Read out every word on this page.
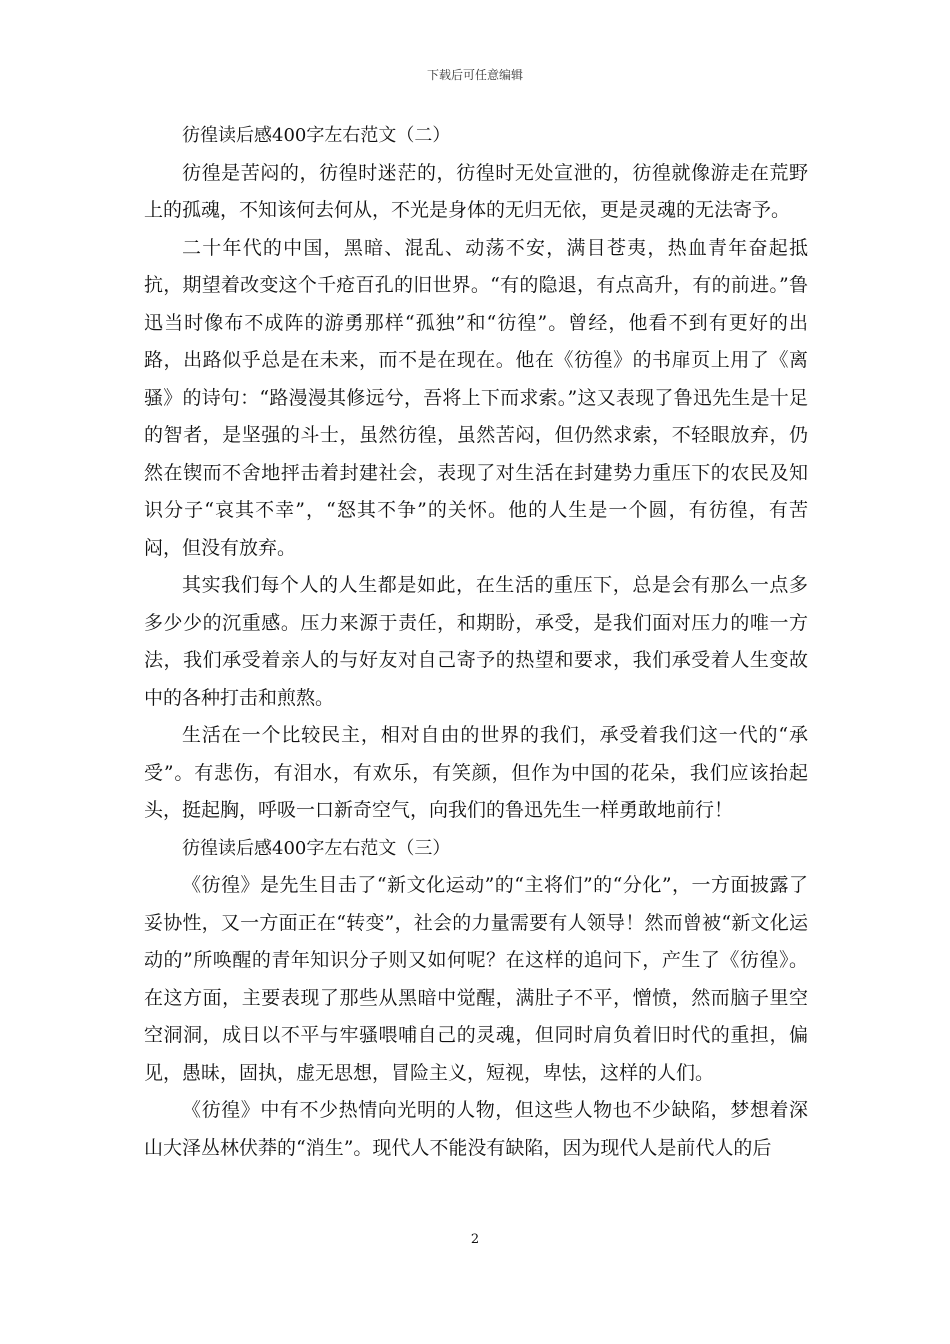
下载后可任意编辑

彷徨读后感400字左右范文（二）

彷徨是苦闷的，彷徨时迷茫的，彷徨时无处宣泄的，彷徨就像游走在荒野上的孤魂，不知该何去何从，不光是身体的无归无依，更是灵魂的无法寄予。

二十年代的中国，黑暗、混乱、动荡不安，满目苍夷，热血青年奋起抵抗，期望着改变这个千疮百孔的旧世界。“有的隐退，有点高升，有的前进。”鲁迅当时像布不成阵的游勇那样“孤独”和“彷徨”。曾经，他看不到有更好的出路，出路似乎总是在未来，而不是在现在。他在《彷徨》的书扉页上用了《离骚》的诗句：“路漫漫其修远兮，吾将上下而求索。”这又表现了鲁迅先生是十足的智者，是坚强的斗士，虽然彷徨，虽然苦闷，但仍然求索，不轻眼放弃，仍然在锲而不舍地抨击着封建社会，表现了对生活在封建势力重压下的农民及知识分子“哀其不幸”，“怒其不争”的关怀。他的人生是一个圆，有彷徨，有苦闷，但没有放弃。

其实我们每个人的人生都是如此，在生活的重压下，总是会有那么一点多多少少的沉重感。压力来源于责任，和期盼，承受，是我们面对压力的唯一方法，我们承受着亲人的与好友对自己寄予的热望和要求，我们承受着人生变故中的各种打击和煎熬。

生活在一个比较民主，相对自由的世界的我们，承受着我们这一代的“承受”。有悲伤，有泪水，有欢乐，有笑颜，但作为中国的花朵，我们应该抬起头，挺起胸，呼吸一口新奇空气，向我们的鲁迅先生一样勇敢地前行！

彷徨读后感400字左右范文（三）

《彷徨》是先生目击了“新文化运动”的“主将们”的“分化”，一方面披露了妥协性，又一方面正在“转变”，社会的力量需要有人领导！然而曾被“新文化运动的”所唤醒的青年知识分子则又如何呢？在这样的追问下，产生了《彷徨》。在这方面，主要表现了那些从黑暗中觉醒，满肚子不平，憎愤，然而脑子里空空洞洞，成日以不平与牢骚喂哺自己的灵魂，但同时肩负着旧时代的重担，偏见，愚昧，固执，虚无思想，冒险主义，短视，卑怯，这样的人们。

《彷徨》中有不少热情向光明的人物，但这些人物也不少缺陷，梦想着深山大泽丛林伏莽的“消生”。现代人不能没有缺陷，因为现代人是前代人的后

2
